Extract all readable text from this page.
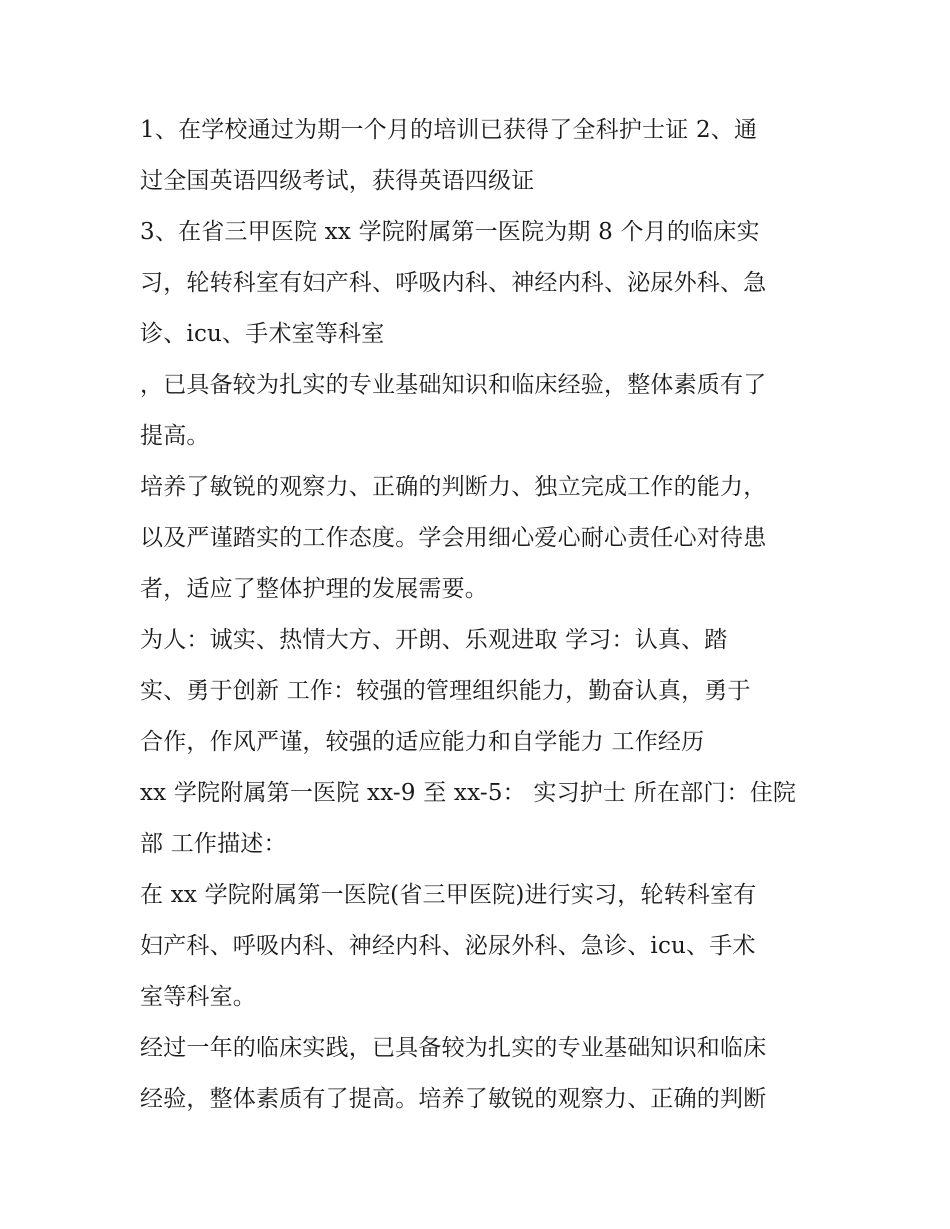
1、在学校通过为期一个月的培训已获得了全科护士证 2、通
过全国英语四级考试，获得英语四级证
3、在省三甲医院 xx 学院附属第一医院为期 8 个月的临床实
习，轮转科室有妇产科、呼吸内科、神经内科、泌尿外科、急
诊、icu、手术室等科室
，已具备较为扎实的专业基础知识和临床经验，整体素质有了
提高。
培养了敏锐的观察力、正确的判断力、独立完成工作的能力，
以及严谨踏实的工作态度。学会用细心爱心耐心责任心对待患
者，适应了整体护理的发展需要。
为人：诚实、热情大方、开朗、乐观进取 学习：认真、踏
实、勇于创新 工作：较强的管理组织能力，勤奋认真，勇于
合作，作风严谨，较强的适应能力和自学能力 工作经历
xx 学院附属第一医院 xx-9 至 xx-5： 实习护士 所在部门：住院
部 工作描述：
在 xx 学院附属第一医院(省三甲医院)进行实习，轮转科室有
妇产科、呼吸内科、神经内科、泌尿外科、急诊、icu、手术
室等科室。
经过一年的临床实践，已具备较为扎实的专业基础知识和临床
经验，整体素质有了提高。培养了敏锐的观察力、正确的判断
